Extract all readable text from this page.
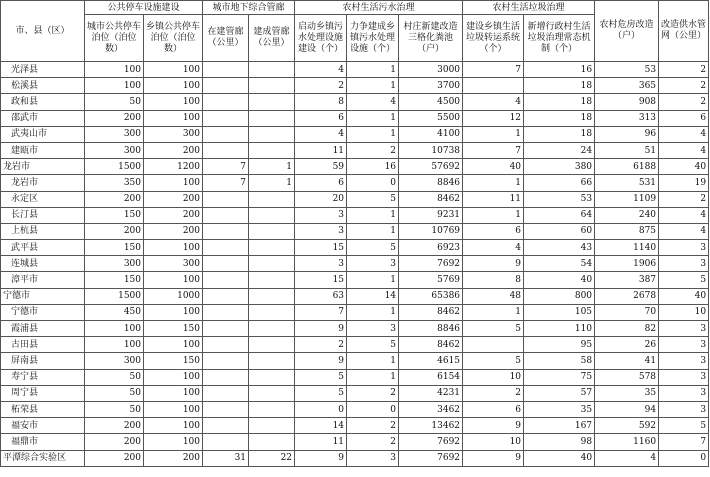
市、县（区）	公共停车设施建设		城市地下综合管廊		农村生活污水治理			农村生活垃圾治理		农村危房改造（户）	改造供水管网（公里）
	城市公共停车泊位（泊位数）	乡镇公共停车泊位（泊位数）	在建管廊（公里）	建成管廊（公里）	启动乡镇污水处理设施建设（个）	力争建成乡镇污水处理设施（个）	村庄新建改造三格化粪池（户）	建设乡镇生活垃圾转运系统（个）	新增行政村生活垃圾治理常态机制（个）		
光泽县	100	100			4	1	3000	7	16	53	2
松溪县	100	100			2	1	3700		18	365	2
政和县	50	100			8	4	4500	4	18	908	2
邵武市	200	100			6	1	5500	12	18	313	6
武夷山市	300	300			4	1	4100	1	18	96	4
建瓯市	300	200			11	2	10738	7	24	51	4
龙岩市	1500	1200	7	1	59	16	57692	40	380	6188	40
龙岩市	350	100	7	1	6	0	8846	1	66	531	19
永定区	200	200			20	5	8462	11	53	1109	2
长汀县	150	200			3	1	9231	1	64	240	4
上杭县	200	200			3	1	10769	6	60	875	4
武平县	150	100			15	5	6923	4	43	1140	3
连城县	300	300			3	3	7692	9	54	1906	3
漳平市	150	100			15	1	5769	8	40	387	5
宁德市	1500	1000			63	14	65386	48	800	2678	40
宁德市	450	100			7	1	8462	1	105	70	10
霞浦县	100	150			9	3	8846	5	110	82	3
古田县	100	100			2	5	8462		95	26	3
屏南县	300	150			9	1	4615	5	58	41	3
寿宁县	50	100			5	1	6154	10	75	578	3
周宁县	50	100			5	2	4231	2	57	35	3
柘荣县	50	100			0	0	3462	6	35	94	3
福安市	200	100			14	2	13462	9	167	592	5
福鼎市	200	100			11	2	7692	10	98	1160	7
平潭综合实验区	200	200	31	22	9	3	7692	9	40	4	0
